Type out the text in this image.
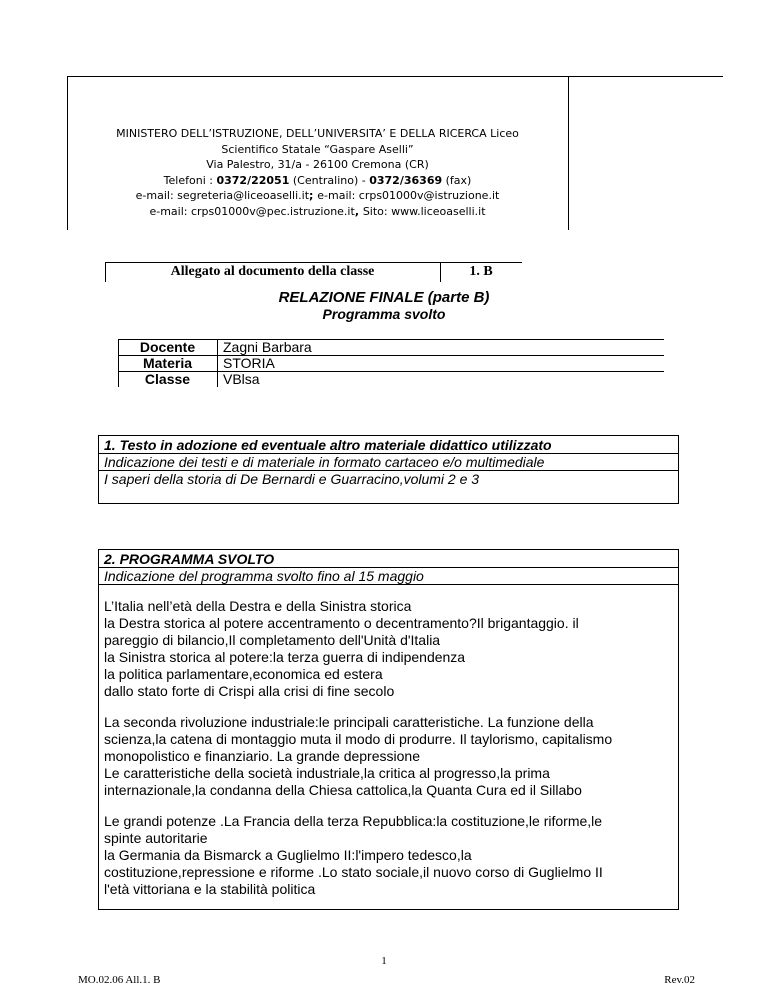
MINISTERO DELL’ISTRUZIONE, DELL’UNIVERSITA’ E DELLA RICERCA Liceo
Scientifico Statale “Gaspare Aselli”
Via Palestro, 31/a - 26100 Cremona (CR)
Telefoni : 0372/22051 (Centralino) - 0372/36369 (fax)
e-mail: segreteria@liceoaselli.it; e-mail: crps01000v@istruzione.it
e-mail: crps01000v@pec.istruzione.it, Sito: www.liceoaselli.it
Allegato al documento della classe	1. B
RELAZIONE FINALE (parte B)
Programma svolto
Docente	Zagni Barbara
Materia	STORIA
Classe	VBlsa
1. Testo in adozione ed eventuale altro materiale didattico utilizzato
Indicazione dei testi e di materiale in formato cartaceo e/o multimediale
I saperi della storia di De Bernardi e Guarracino,volumi 2 e 3
2. PROGRAMMA SVOLTO
Indicazione del programma svolto fino al 15 maggio

L’Italia nell’età della Destra e della Sinistra storica
la Destra storica al potere accentramento o decentramento?Il brigantaggio. il
pareggio di bilancio,Il completamento dell'Unità d'Italia
la Sinistra storica al potere:la terza guerra di indipendenza
la politica parlamentare,economica ed estera
dallo stato forte di Crispi alla crisi di fine secolo

La seconda rivoluzione industriale:le principali caratteristiche. La funzione della
scienza,la catena di montaggio muta il modo di produrre. Il taylorismo, capitalismo
monopolistico e finanziario. La grande depressione
Le caratteristiche della società industriale,la critica al progresso,la prima
internazionale,la condanna della Chiesa cattolica,la Quanta Cura ed il Sillabo

Le grandi potenze .La Francia della terza Repubblica:la costituzione,le riforme,le
spinte autoritarie
la Germania da Bismarck a Guglielmo II:l'impero tedesco,la
costituzione,repressione e riforme .Lo stato sociale,il nuovo corso di Guglielmo II
l'età vittoriana e la stabilità politica

1
MO.02.06 All.1. B	Rev.02
